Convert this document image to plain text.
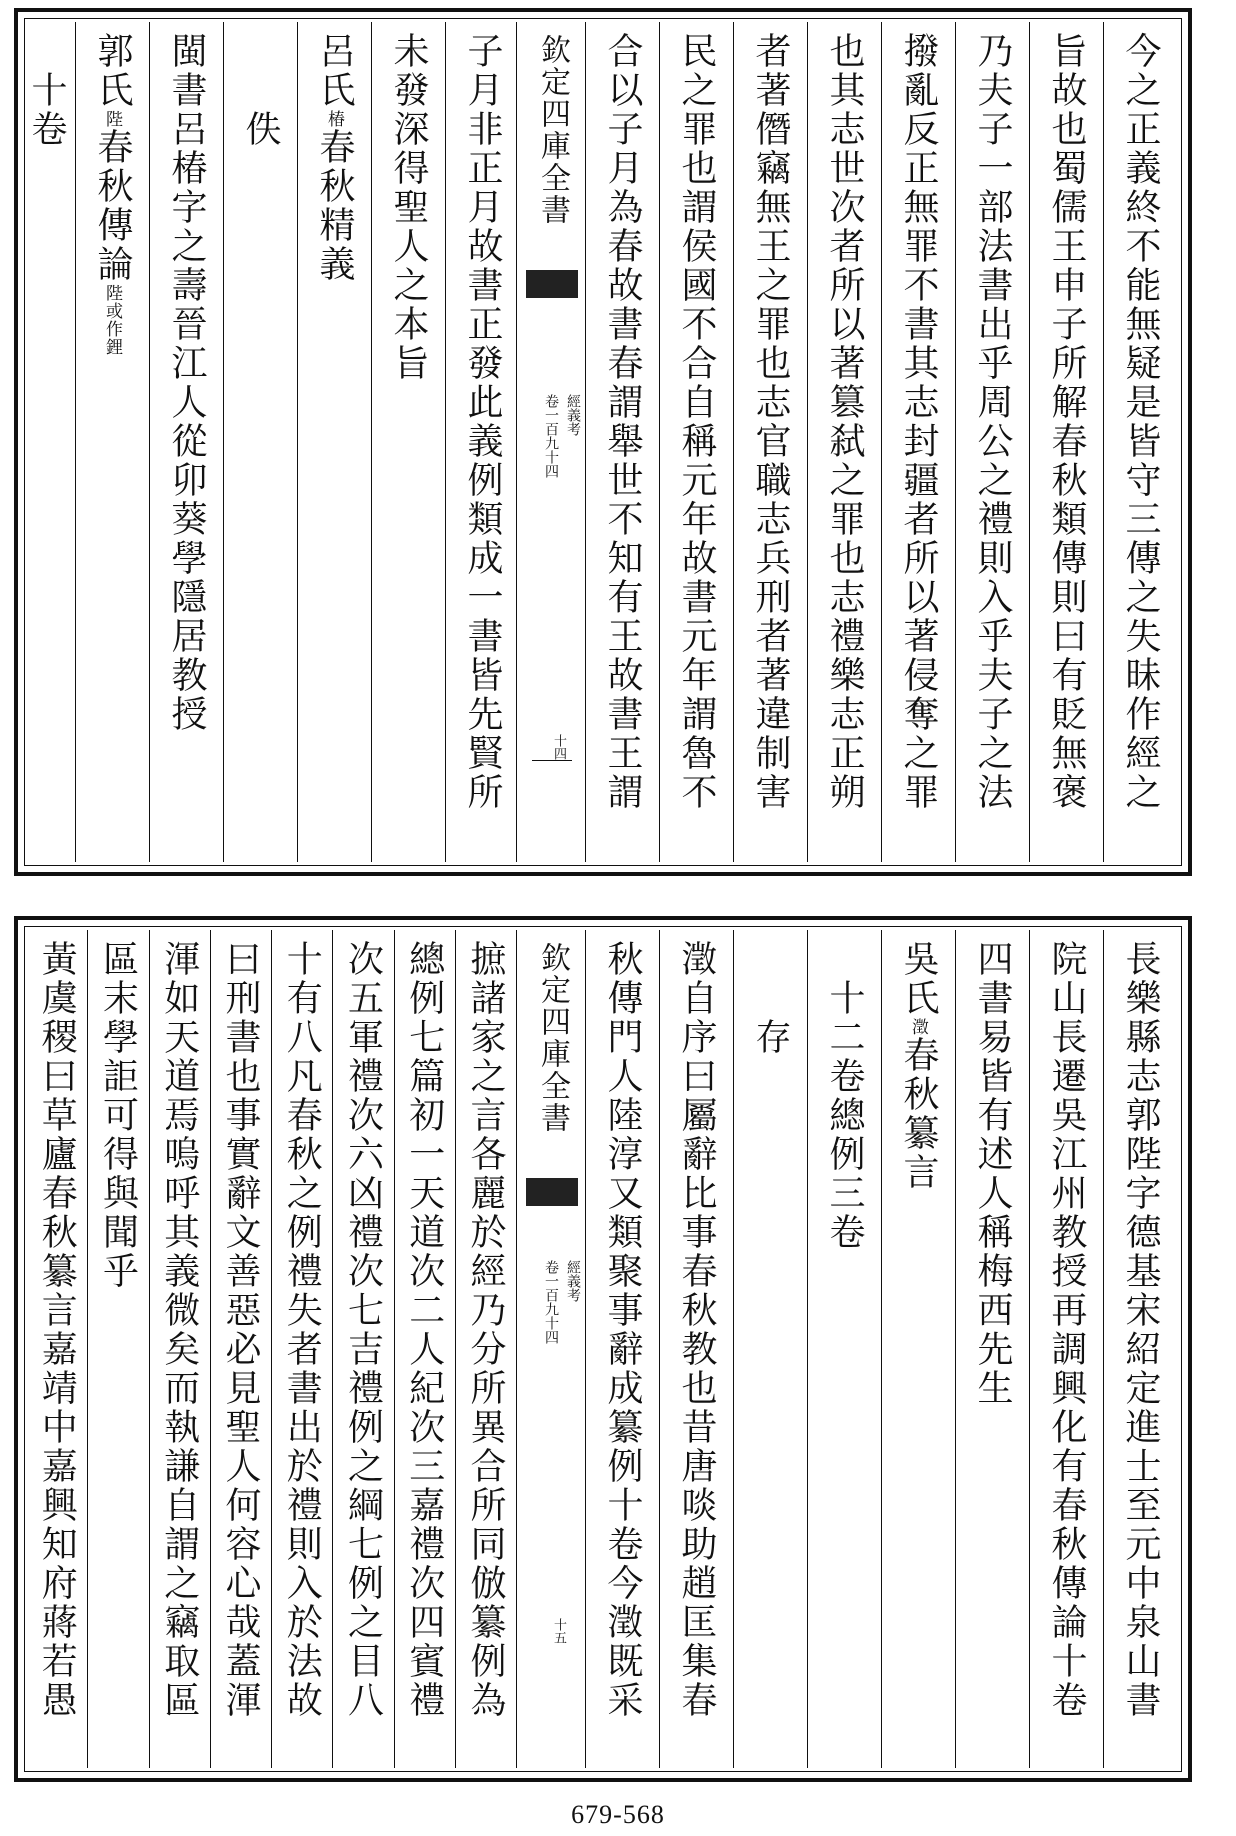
今之正義終不能無疑是皆守三傳之失昧作經之
旨故也蜀儒王申子所解春秋類傳則曰有貶無褒
乃夫子一部法書出乎周公之禮則入乎夫子之法
撥亂反正無罪不書其志封疆者所以著侵奪之罪
也其志世次者所以著篡弑之罪也志禮樂志正朔
者著僭竊無王之罪也志官職志兵刑者著違制害
民之罪也謂侯國不合自稱元年故書元年謂魯不
合以子月為春故書春謂舉世不知有王故書王謂
欽定四庫全書
經義考
卷一百九十四
十四
子月非正月故書正發此義例類成一書皆先賢所
未發深得聖人之本旨
呂氏椿春秋精義
　　佚
閩書呂椿字之壽晉江人從卯葵學隱居教授
郭氏陛春秋傳論陛或作鋰
　十卷
長樂縣志郭陛字德基宋紹定進士至元中泉山書
院山長遷吳江州教授再調興化有春秋傳論十卷
四書易皆有述人稱梅西先生
吳氏澂春秋纂言
　十二卷總例三卷
　　存
澂自序曰屬辭比事春秋教也昔唐啖助趙匡集春
秋傳門人陸淳又類聚事辭成纂例十卷今澂既采
欽定四庫全書
經義考
卷一百九十四
十五
摭諸家之言各麗於經乃分所異合所同倣纂例為
總例七篇初一天道次二人紀次三嘉禮次四賓禮
次五軍禮次六凶禮次七吉禮例之綱七例之目八
十有八凡春秋之例禮失者書出於禮則入於法故
曰刑書也事實辭文善惡必見聖人何容心哉蓋渾
渾如天道焉嗚呼其義微矣而執謙自謂之竊取區
區末學詎可得與聞乎
黃虞稷曰草廬春秋纂言嘉靖中嘉興知府蔣若愚
679-568
